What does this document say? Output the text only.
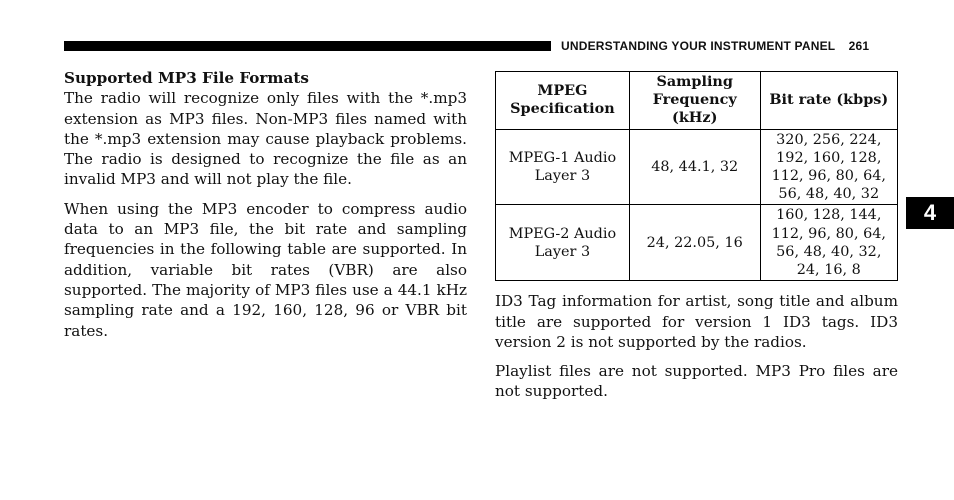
UNDERSTANDING YOUR INSTRUMENT PANEL 261
Supported MP3 File Formats

The radio will recognize only files with the *.mp3 extension as MP3 files. Non-MP3 files named with the *.mp3 extension may cause playback problems. The radio is designed to recognize the file as an invalid MP3 and will not play the file.

When using the MP3 encoder to compress audio data to an MP3 file, the bit rate and sampling frequencies in the following table are supported. In addition, variable bit rates (VBR) are also supported. The majority of MP3 files use a 44.1 kHz sampling rate and a 192, 160, 128, 96 or VBR bit rates.

MPEG Specification	Sampling Frequency (kHz)	Bit rate (kbps)
MPEG-1 Audio Layer 3	48, 44.1, 32	320, 256, 224, 192, 160, 128, 112, 96, 80, 64, 56, 48, 40, 32
MPEG-2 Audio Layer 3	24, 22.05, 16	160, 128, 144, 112, 96, 80, 64, 56, 48, 40, 32, 24, 16, 8

ID3 Tag information for artist, song title and album title are supported for version 1 ID3 tags. ID3 version 2 is not supported by the radios.

Playlist files are not supported. MP3 Pro files are not supported.

4
